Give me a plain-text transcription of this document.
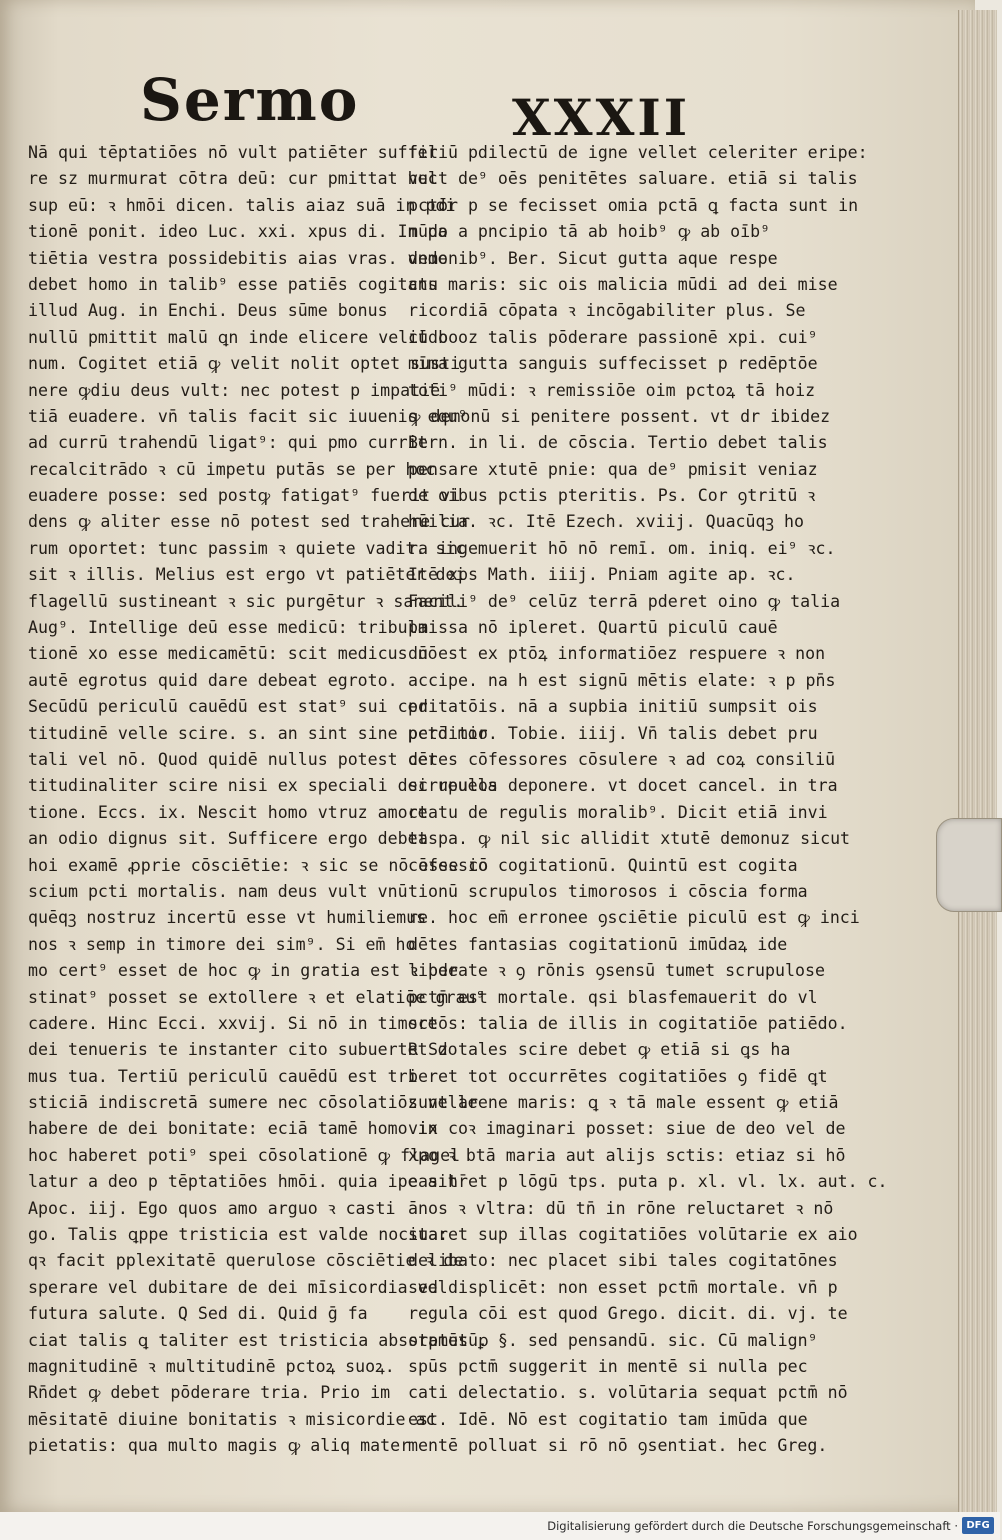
Sermo	XXXII
Nā qui tēptatiōes nō vult patiēter suffer
re sz murmurat cōtra deū: cur pmittat hec
sup eū: ꝛ hmōi dicen. talis aiaz suā in pdi
tionē ponit. ideo Luc. xxi. xpus di. In pa
tiētia vestra possidebitis aias vras. vnde
debet homo in talib⁹ esse patiēs cogitans
illud Aug. in Enchi. Deus sūme bonus
nullū pmittit malū ꝗn inde elicere velit bo
num. Cogitet etiā ꝙ velit nolit optet susti
nere ꝙdiu deus vult: nec potest p impatiē
tiā euadere. vn̄ talis facit sic iuuenis equ⁹
ad currū trahendū ligat⁹: qui pmo currit
recalcitrādo ꝛ cū impetu putās se per hoc
euadere posse: sed postꝙ fatigat⁹ fuerit vi
dens ꝙ aliter esse nō potest sed trahere cur
rum oportet: tunc passim ꝛ quiete vadit. sic
sit ꝛ illis. Melius est ergo vt patiēter dei
flagellū sustineant ꝛ sic purgētur ꝛ sanent.
Aug⁹. Intellige deū esse medicū: tribula
tionē xo esse medicamētū: scit medicus nō
autē egrotus quid dare debeat egroto.
Secūdū periculū cauēdū est stat⁹ sui cer
titudinē velle scire. s. an sint sine pctō mor
tali vel nō. Quod quidē nullus potest cer
titudinaliter scire nisi ex speciali dei reuela
tione. Eccs. ix. Nescit homo vtruz amore
an odio dignus sit. Sufficere ergo debet
hoi examē ꝓprie cōsciētie: ꝛ sic se nō esse cō
scium pcti mortalis. nam deus vult vnū
quēqꝫ nostruz incertū esse vt humiliemus
nos ꝛ semp in timore dei sim⁹. Si em̄ ho
mo cert⁹ esset de hoc ꝙ in gratia est ꝛ pde
stinat⁹ posset se extollere ꝛ et elatiōe grau⁹
cadere. Hinc Ecci. xxvij. Si nō in timore
dei tenueris te instanter cito subuertet do
mus tua. Tertiū periculū cauēdū est tri
sticiā indiscretā sumere nec cōsolatiōz velle
habere de dei bonitate: eciā tamē homo in
hoc haberet poti⁹ spei cōsolationē ꝙ flagel
latur a deo p tēptatiōes hmōi. quia ipe ait
Apoc. iij. Ego quos amo arguo ꝛ casti
go. Talis ꝗppe tristicia est valde nociua:
qꝛ facit pplexitatē querulose cōsciētie ꝛ de
sperare vel dubitare de dei mīsicordia vel
futura salute. Q Sed di. Quid ḡ fa
ciat talis ꝗ taliter est tristicia absorptus ꝑ
magnitudinē ꝛ multitudinē pctoꝝ suoꝝ.
Rn̄det ꝙ debet pōderare tria. Prio im
mēsitatē diuine bonitatis ꝛ misicordie ac
pietatis: qua multo magis ꝙ aliq mater
filiū pdilectū de igne vellet celeriter eripe:
vult de⁹ oēs penitētes saluare. etiā si talis
pctōr p se fecisset omia pctā ꝗ facta sunt in
mūdo a pncipio tā ab hoib⁹ ꝙ ab oīb⁹
demonib⁹. Ber. Sicut gutta aque respe
ctu maris: sic ois malicia mūdi ad dei mise
ricordiā cōpata ꝛ incōgabiliter plus. Se
cūdo oz talis pōderare passionē xpi. cui⁹
mīma gutta sanguis suffecisset p redēptōe
toti⁹ mūdi: ꝛ remissiōe oim pctoꝝ tā hoiz
ꝙ demonū si penitere possent. vt dr ibidez
Bern. in li. de cōscia. Tertio debet talis
pensare xtutē pnie: qua de⁹ pmisit veniaz
de oibus pctis pteritis. Ps. Cor ꝯtritū ꝛ
hūilia. ꝛc. Itē Ezech. xviij. Quacūqꝫ ho
ra ingemuerit hō nō remī. om. iniq. ei⁹ ꝛc.
Itē xps Math. iiij. Pniam agite ap. ꝛc.
Facili⁹ de⁹ celūz terrā pderet oino ꝙ talia
pmissa nō ipleret. Quartū piculū cauē
dū est ex ptōꝝ informatiōez respuere ꝛ non
accipe. na h est signū mētis elate: ꝛ p pn̄s
pditatōis. nā a supbia initiū sumpsit ois
perditio. Tobie. iiij. Vn̄ talis debet pru
dētes cōfessores cōsulere ꝛ ad coꝝ consiliū
scrupulos deponere. vt docet cancel. in tra
ctatu de regulis moralib⁹. Dicit etiā invi
taspa. ꝙ nil sic allidit xtutē demonuz sicut
cōfessio cogitationū. Quintū est cogita
tionū scrupulos timorosos i cōscia forma
re. hoc em̄ erronee ꝯsciētie piculū est ꝙ inci
dētes fantasias cogitationū imūdaꝝ ide
liberate ꝛ ꝯ rōnis ꝯsensū tumet scrupulose
pctm̄ est mortale. qsi blasfemauerit do vl
sctōs: talia de illis in cogitatiōe patiēdo.
R Sz tales scire debet ꝙ etiā si ꝗs ha
beret tot occurrētes cogitatiōes ꝯ fidē ꝗt
sunt arene maris: ꝗ ꝛ tā male essent ꝙ etiā
vix coꝛ imaginari posset: siue de deo vel de
xpo ꝛ btā maria aut alijs sctis: etiaz si hō
eas hr̄et p lōgū tps. puta p. xl. vl. lx. aut. c.
ānos ꝛ vltra: dū tn̄ in rōne reluctaret ꝛ nō
staret sup illas cogitatiōes volūtarie ex aio
delibato: nec placet sibi tales cogitatōnes
sed displicēt: non esset pctm̄ mortale. vn̄ p
regula cōi est quod Grego. dicit. di. vj. te
stamētū. §. sed pensandū. sic. Cū malign⁹
spūs pctm̄ suggerit in mentē si nulla pec
cati delectatio. s. volūtaria sequat pctm̄ nō
est. Idē. Nō est cogitatio tam imūda que
mentē polluat si rō nō ꝯsentiat. hec Greg.
Digitalisierung gefördert durch die Deutsche Forschungsgemeinschaft · DFG
